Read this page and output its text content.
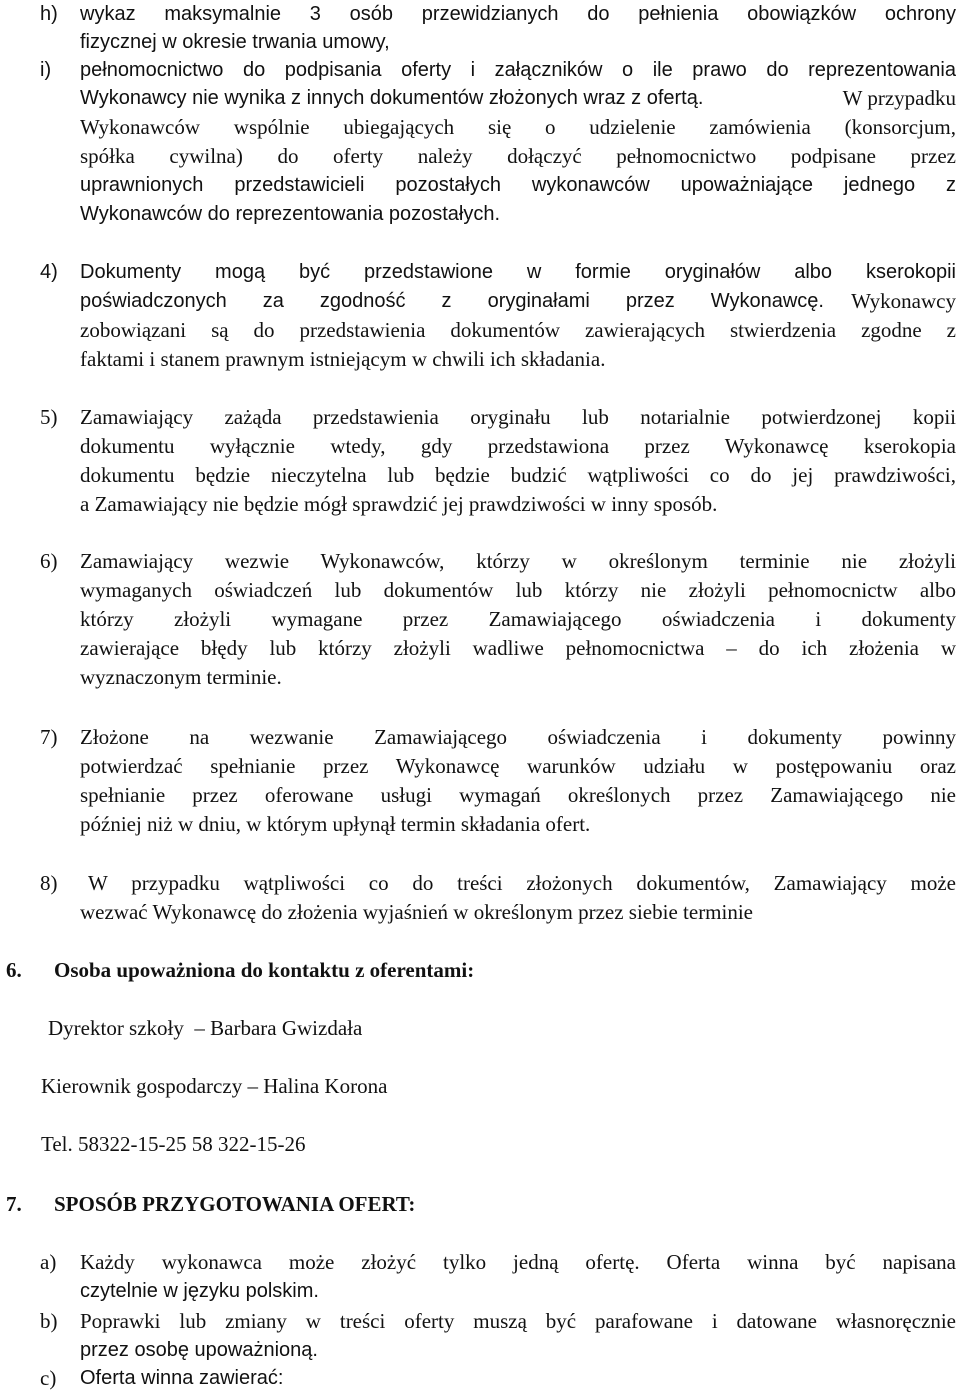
h) wykaz maksymalnie 3 osób przewidzianych do pełnienia obowiązków ochrony
fizycznej w okresie trwania umowy,
i) pełnomocnictwo do podpisania oferty i załączników o ile prawo do reprezentowania
Wykonawcy nie wynika z innych dokumentów złożonych wraz z ofertą.	W przypadku
Wykonawców wspólnie ubiegających się o udzielenie zamówienia (konsorcjum,
spółka cywilna) do oferty należy dołączyć pełnomocnictwo podpisane przez
uprawnionych przedstawicieli pozostałych wykonawców upoważniające jednego z
Wykonawców do reprezentowania pozostałych.
4) Dokumenty mogą być przedstawione w formie oryginałów albo kserokopii
poświadczonych za zgodność z oryginałami przez Wykonawcę. Wykonawcy
zobowiązani są do przedstawienia dokumentów zawierających stwierdzenia zgodne z
faktami i stanem prawnym istniejącym w chwili ich składania.
5) Zamawiający zażąda przedstawienia oryginału lub notarialnie potwierdzonej kopii
dokumentu wyłącznie wtedy, gdy przedstawiona przez Wykonawcę kserokopia
dokumentu będzie nieczytelna lub będzie budzić wątpliwości co do jej prawdziwości,
a Zamawiający nie będzie mógł sprawdzić jej prawdziwości w inny sposób.
6) Zamawiający wezwie Wykonawców, którzy w określonym terminie nie złożyli
wymaganych oświadczeń lub dokumentów lub którzy nie złożyli pełnomocnictw albo
którzy złożyli wymagane przez Zamawiającego oświadczenia i dokumenty
zawierające błędy lub którzy złożyli wadliwe pełnomocnictwa – do ich złożenia w
wyznaczonym terminie.
7) Złożone na wezwanie Zamawiającego oświadczenia i dokumenty powinny
potwierdzać spełnianie przez Wykonawcę warunków udziału w postępowaniu oraz
spełnianie przez oferowane usługi wymagań określonych przez Zamawiającego nie
później niż w dniu, w którym upłynął termin składania ofert.
8) W przypadku wątpliwości co do treści złożonych dokumentów, Zamawiający może
wezwać Wykonawcę do złożenia wyjaśnień w określonym przez siebie terminie
6. Osoba upoważniona do kontaktu z oferentami:
Dyrektor szkoły  – Barbara Gwizdała
Kierownik gospodarczy – Halina Korona
Tel. 58322-15-25 58 322-15-26
7. SPOSÓB PRZYGOTOWANIA OFERT:
a) Każdy wykonawca może złożyć tylko jedną ofertę. Oferta winna być napisana
czytelnie w języku polskim.
b) Poprawki lub zmiany w treści oferty muszą być parafowane i datowane własnoręcznie
przez osobę upoważnioną.
c) Oferta winna zawierać:
